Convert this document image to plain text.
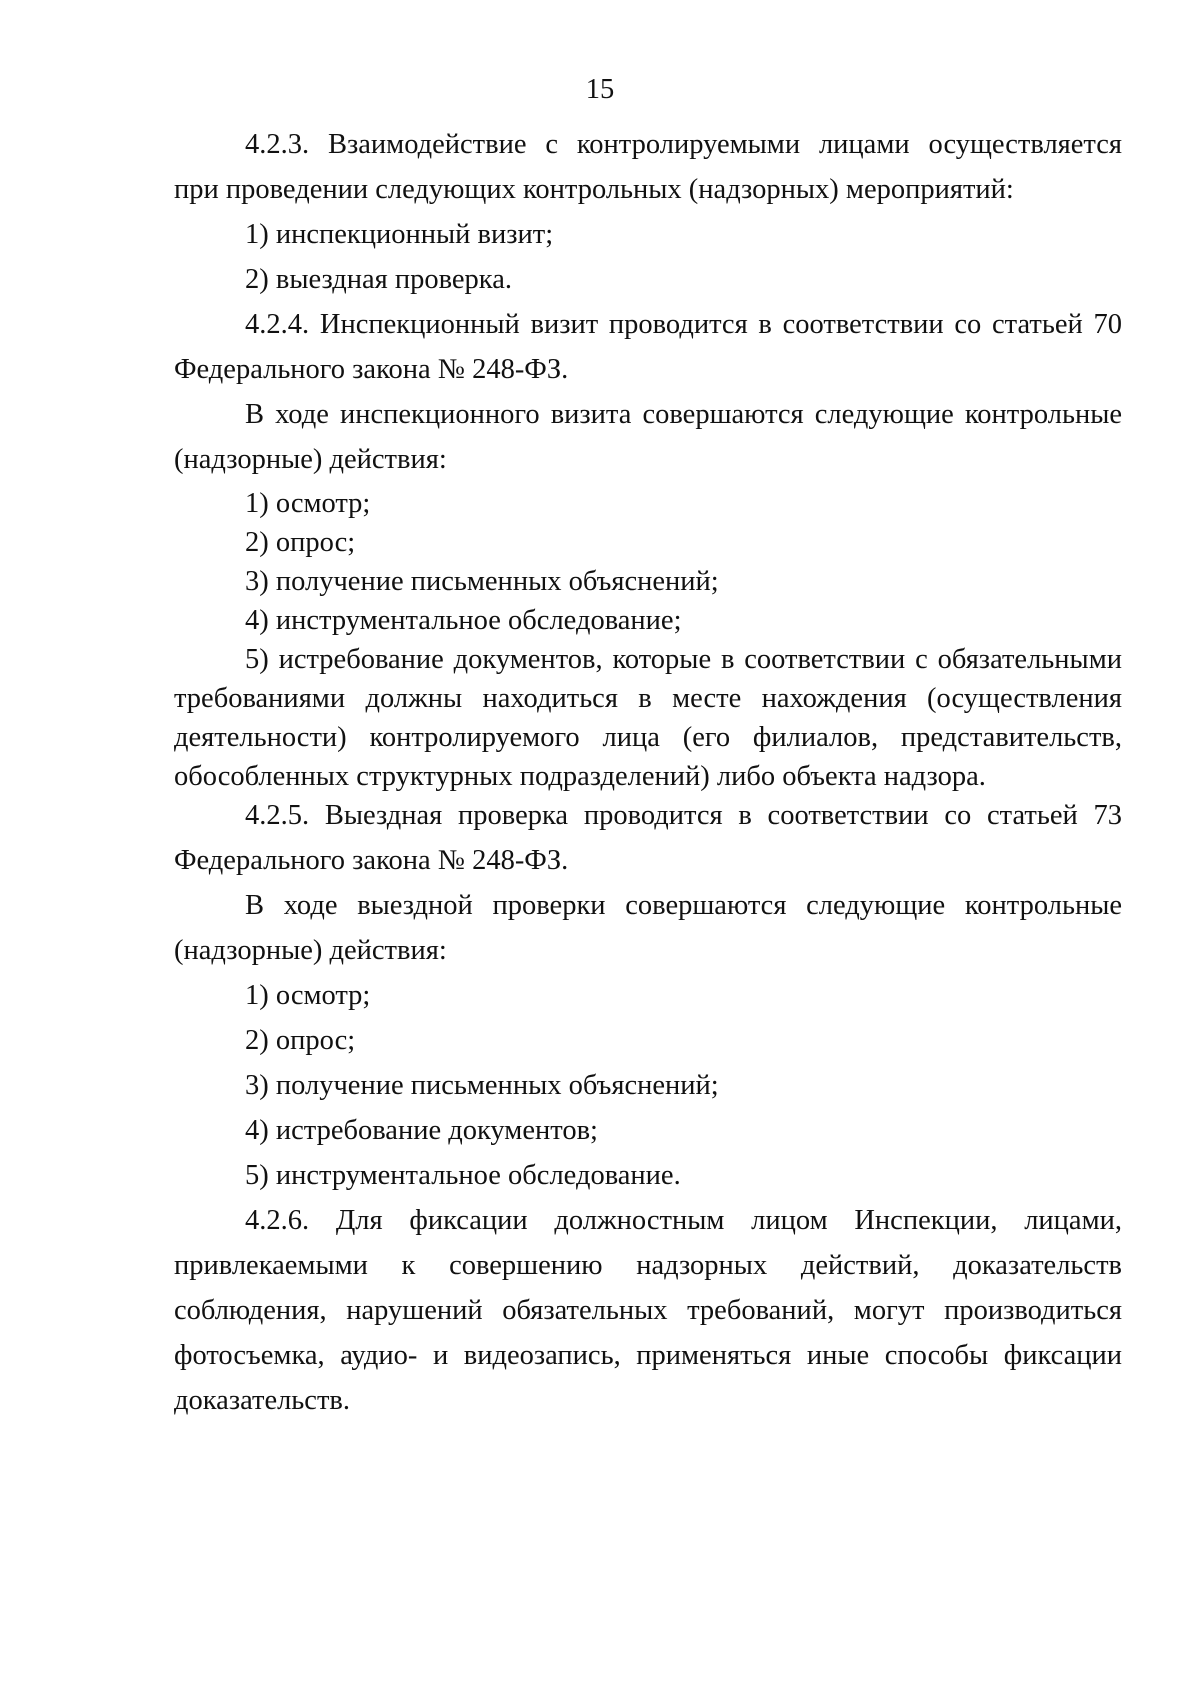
15
4.2.3. Взаимодействие с контролируемыми лицами осуществляется
при проведении следующих контрольных (надзорных) мероприятий:
1) инспекционный визит;
2) выездная проверка.
4.2.4. Инспекционный визит проводится в соответствии со статьей 70
Федерального закона № 248-ФЗ.
В ходе инспекционного визита совершаются следующие контрольные
(надзорные) действия:
1) осмотр;
2) опрос;
3) получение письменных объяснений;
4) инструментальное обследование;
5) истребование документов, которые в соответствии с обязательными
требованиями должны находиться в месте нахождения (осуществления
деятельности) контролируемого лица (его филиалов, представительств,
обособленных структурных подразделений) либо объекта надзора.
4.2.5. Выездная проверка проводится в соответствии со статьей 73
Федерального закона № 248-ФЗ.
В ходе выездной проверки совершаются следующие контрольные
(надзорные) действия:
1) осмотр;
2) опрос;
3) получение письменных объяснений;
4) истребование документов;
5) инструментальное обследование.
4.2.6. Для фиксации должностным лицом Инспекции, лицами,
привлекаемыми к совершению надзорных действий, доказательств
соблюдения, нарушений обязательных требований, могут производиться
фотосъемка, аудио- и видеозапись, применяться иные способы фиксации
доказательств.
